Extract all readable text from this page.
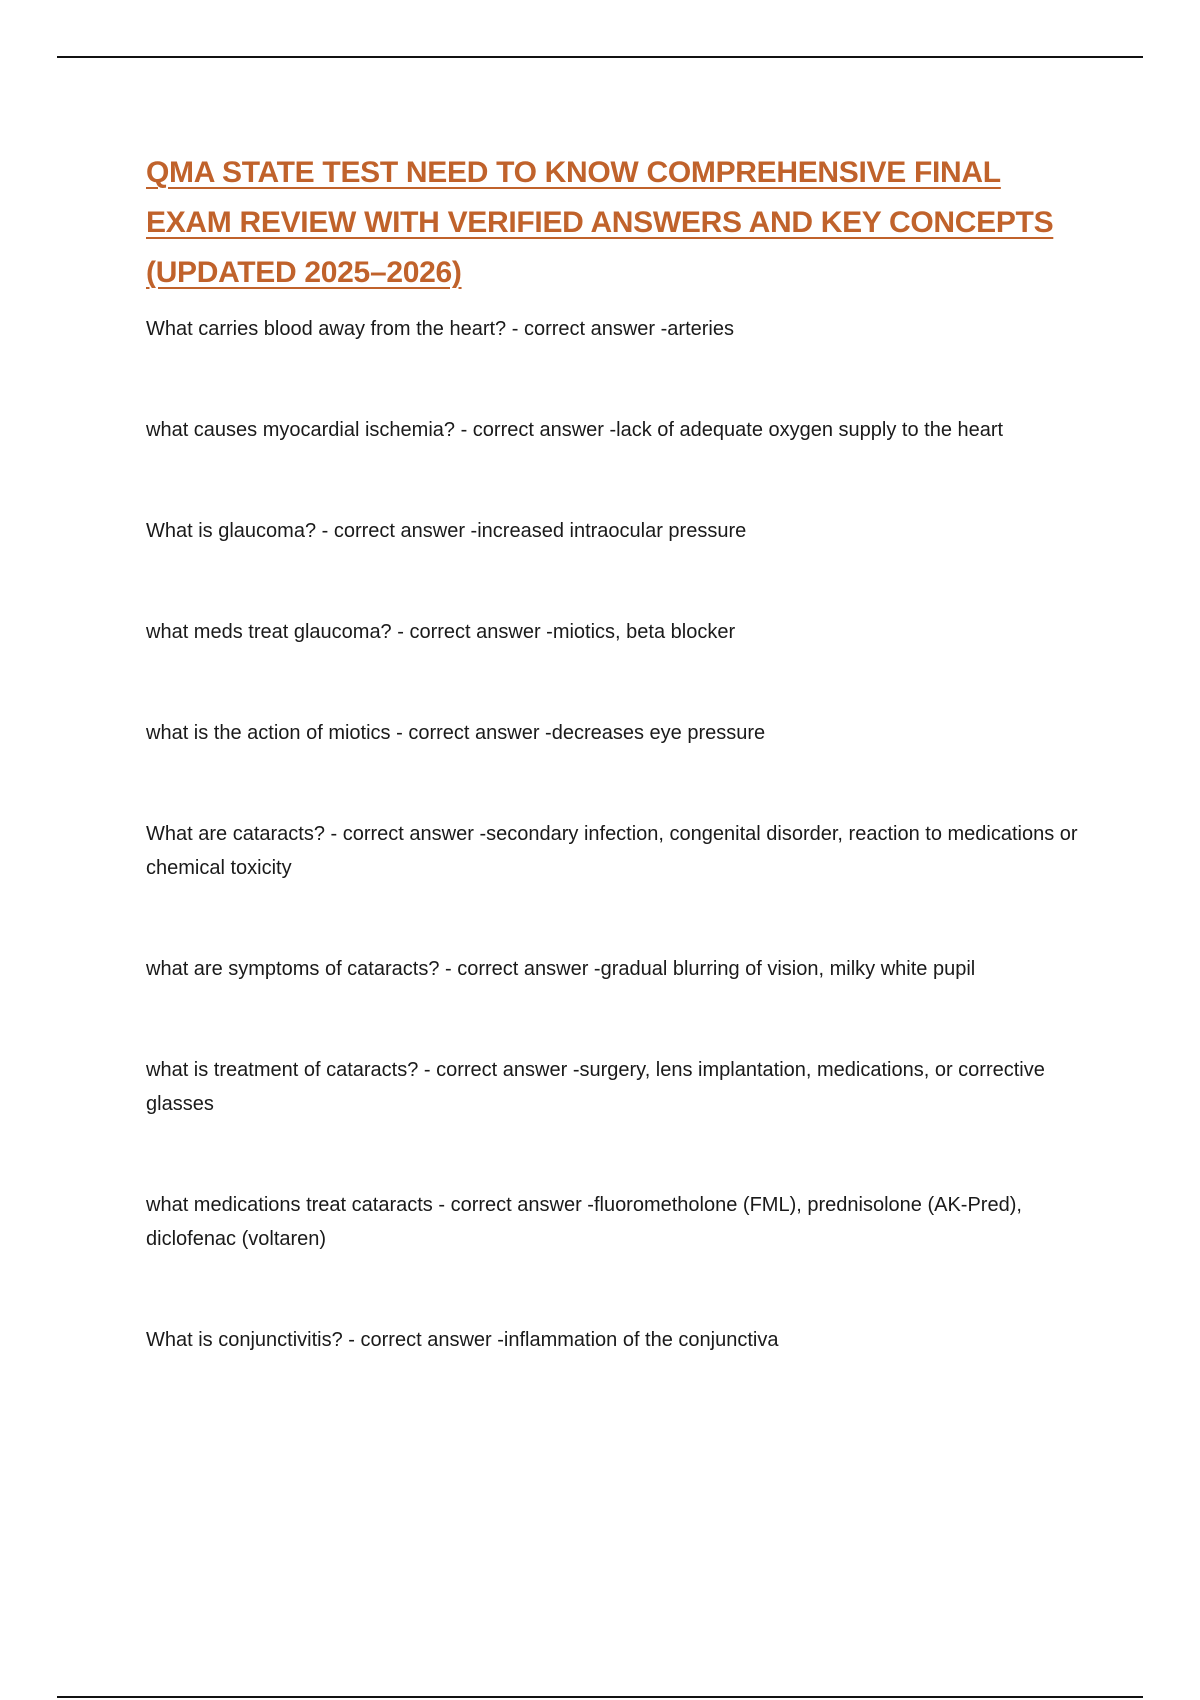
QMA STATE TEST NEED TO KNOW COMPREHENSIVE FINAL EXAM REVIEW WITH VERIFIED ANSWERS AND KEY CONCEPTS (UPDATED 2025–2026)
What carries blood away from the heart? - correct answer -arteries
what causes myocardial ischemia? - correct answer -lack of adequate oxygen supply to the heart
What is glaucoma? - correct answer -increased intraocular pressure
what meds treat glaucoma? - correct answer -miotics, beta blocker
what is the action of miotics - correct answer -decreases eye pressure
What are cataracts? - correct answer -secondary infection, congenital disorder, reaction to medications or chemical toxicity
what are symptoms of cataracts? - correct answer -gradual blurring of vision, milky white pupil
what is treatment of cataracts? - correct answer -surgery, lens implantation, medications, or corrective glasses
what medications treat cataracts - correct answer -fluorometholone (FML), prednisolone (AK-Pred), diclofenac (voltaren)
What is conjunctivitis? - correct answer -inflammation of the conjunctiva
